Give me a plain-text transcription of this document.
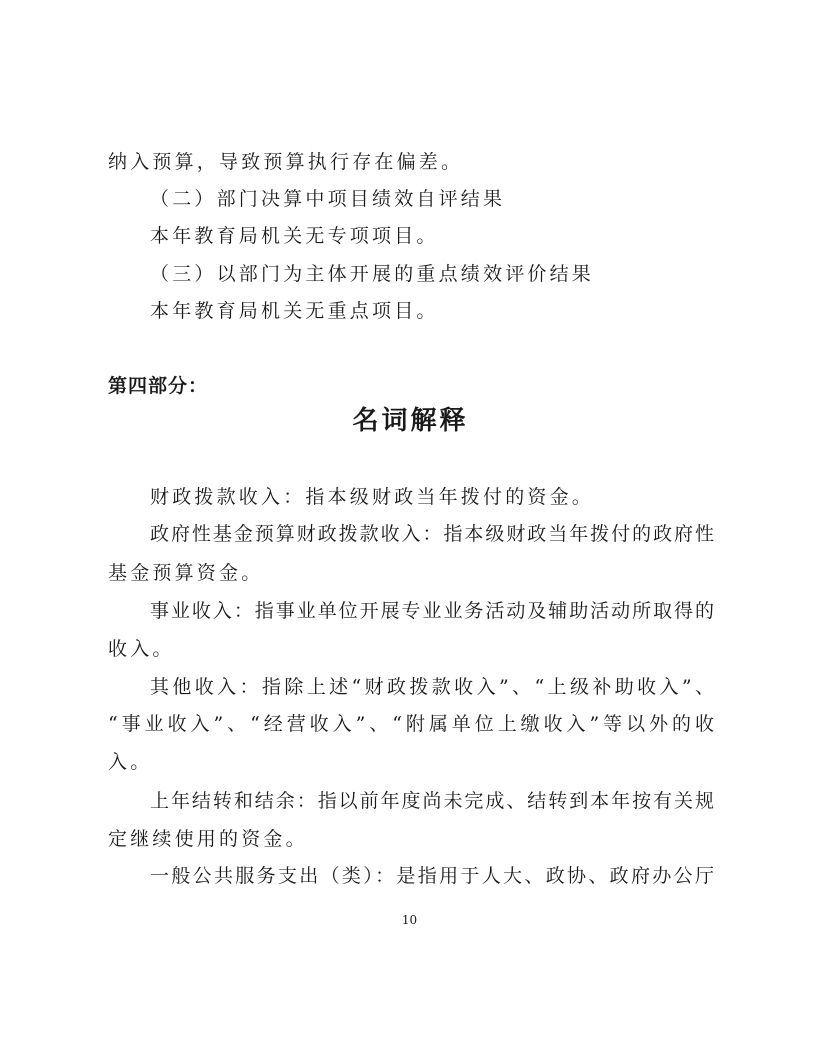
纳入预算，导致预算执行存在偏差。
（二）部门决算中项目绩效自评结果
本年教育局机关无专项项目。
（三）以部门为主体开展的重点绩效评价结果
本年教育局机关无重点项目。
第四部分：
名词解释
财政拨款收入：指本级财政当年拨付的资金。
政府性基金预算财政拨款收入：指本级财政当年拨付的政府性
基金预算资金。
事业收入：指事业单位开展专业业务活动及辅助活动所取得的
收入。
其他收入：指除上述“财政拨款收入”、“上级补助收入”、
“事业收入”、“经营收入”、“附属单位上缴收入”等以外的收
入。
上年结转和结余：指以前年度尚未完成、结转到本年按有关规
定继续使用的资金。
一般公共服务支出（类）：是指用于人大、政协、政府办公厅
10
